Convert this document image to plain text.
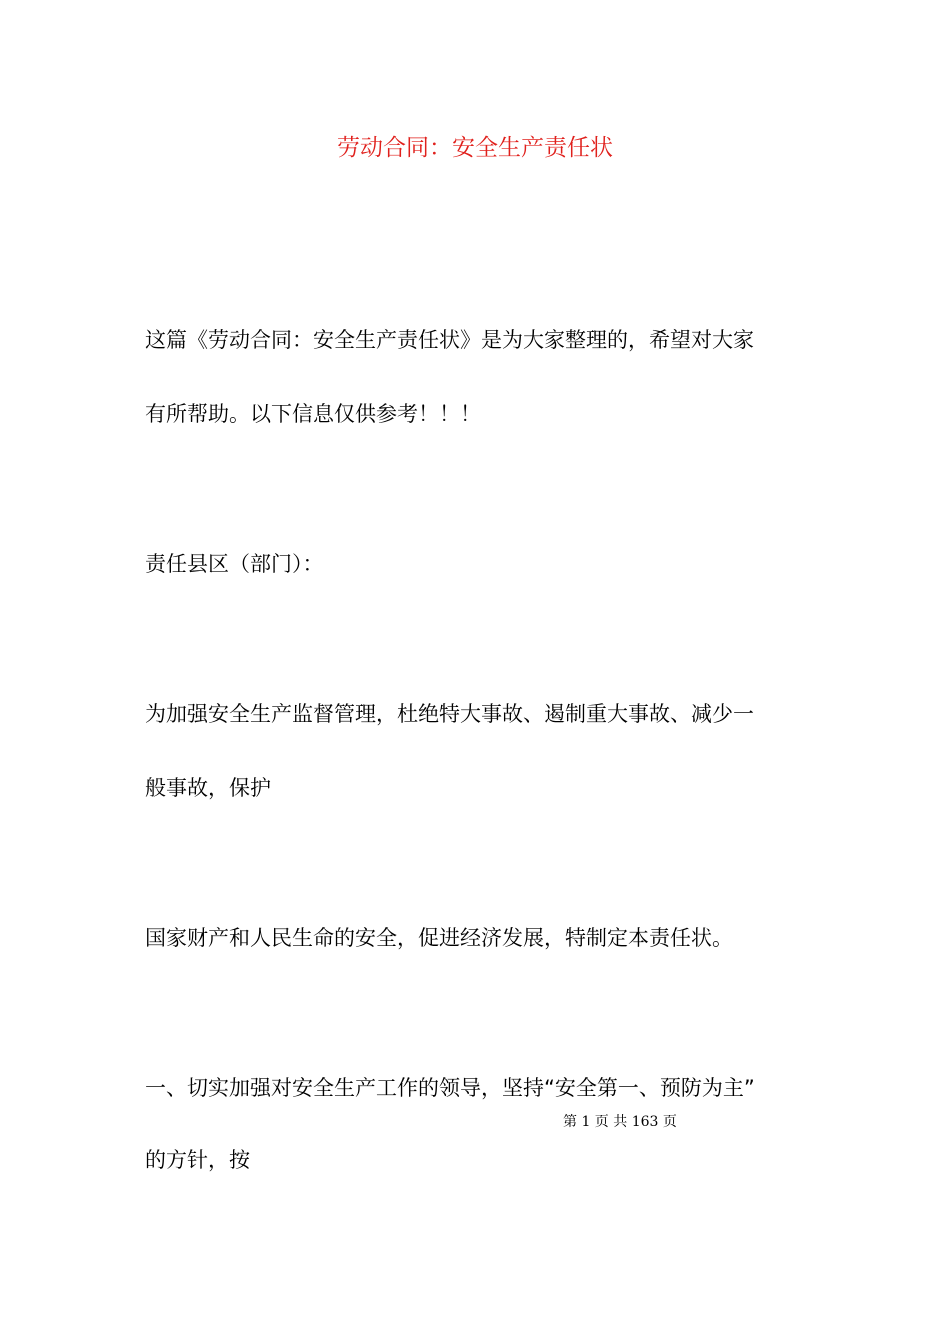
劳动合同：安全生产责任状
这篇《劳动合同：安全生产责任状》是为大家整理的，希望对大家
有所帮助。以下信息仅供参考！！！
责任县区（部门）：
为加强安全生产监督管理，杜绝特大事故、遏制重大事故、减少一
般事故，保护
国家财产和人民生命的安全，促进经济发展，特制定本责任状。
一、切实加强对安全生产工作的领导，坚持“安全第一、预防为主”
的方针，按
第 1 页 共 163 页
